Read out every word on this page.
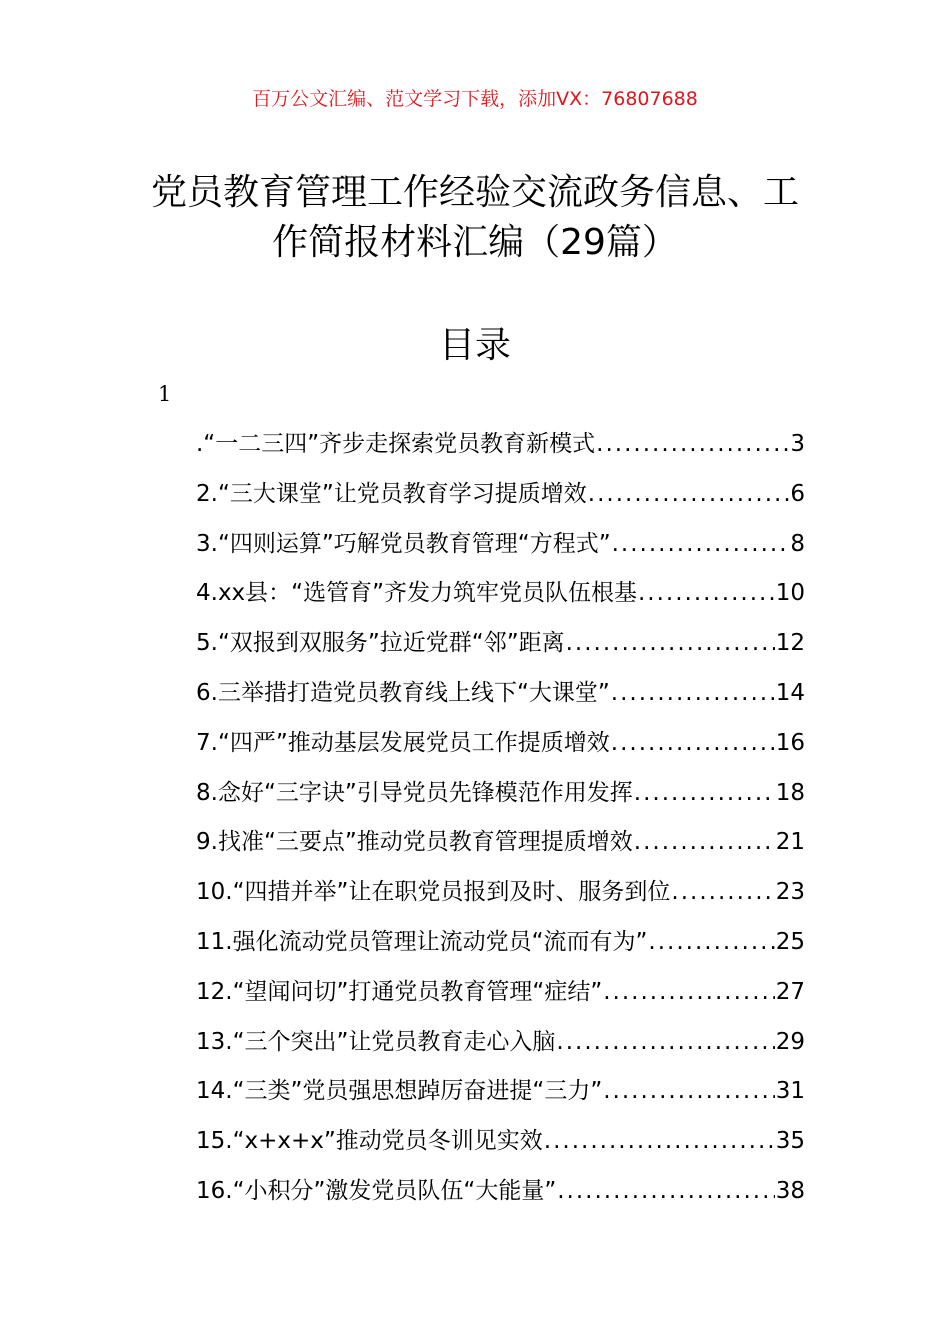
百万公文汇编、范文学习下载，添加VX：76807688
党员教育管理工作经验交流政务信息、工
作简报材料汇编（29篇）
目录
1
.“一二三四”齐步走探索党员教育新模式 .....	3
2.“三大课堂”让党员教育学习提质增效 .....	6
3.“四则运算”巧解党员教育管理“方程式” .....	8
4.xx县：“选管育”齐发力筑牢党员队伍根基 .....	10
5.“双报到双服务”拉近党群“邻”距离 .....	12
6.三举措打造党员教育线上线下“大课堂” .....	14
7.“四严”推动基层发展党员工作提质增效 .....	16
8.念好“三字诀”引导党员先锋模范作用发挥 .....	18
9.找准“三要点”推动党员教育管理提质增效 .....	21
10.“四措并举”让在职党员报到及时、服务到位 .....	23
11.强化流动党员管理让流动党员“流而有为” .....	25
12.“望闻问切”打通党员教育管理“症结” .....	27
13.“三个突出”让党员教育走心入脑 .....	29
14.“三类”党员强思想踔厉奋进提“三力” .....	31
15.“x+x+x”推动党员冬训见实效 .....	35
16.“小积分”激发党员队伍“大能量” .....	38
